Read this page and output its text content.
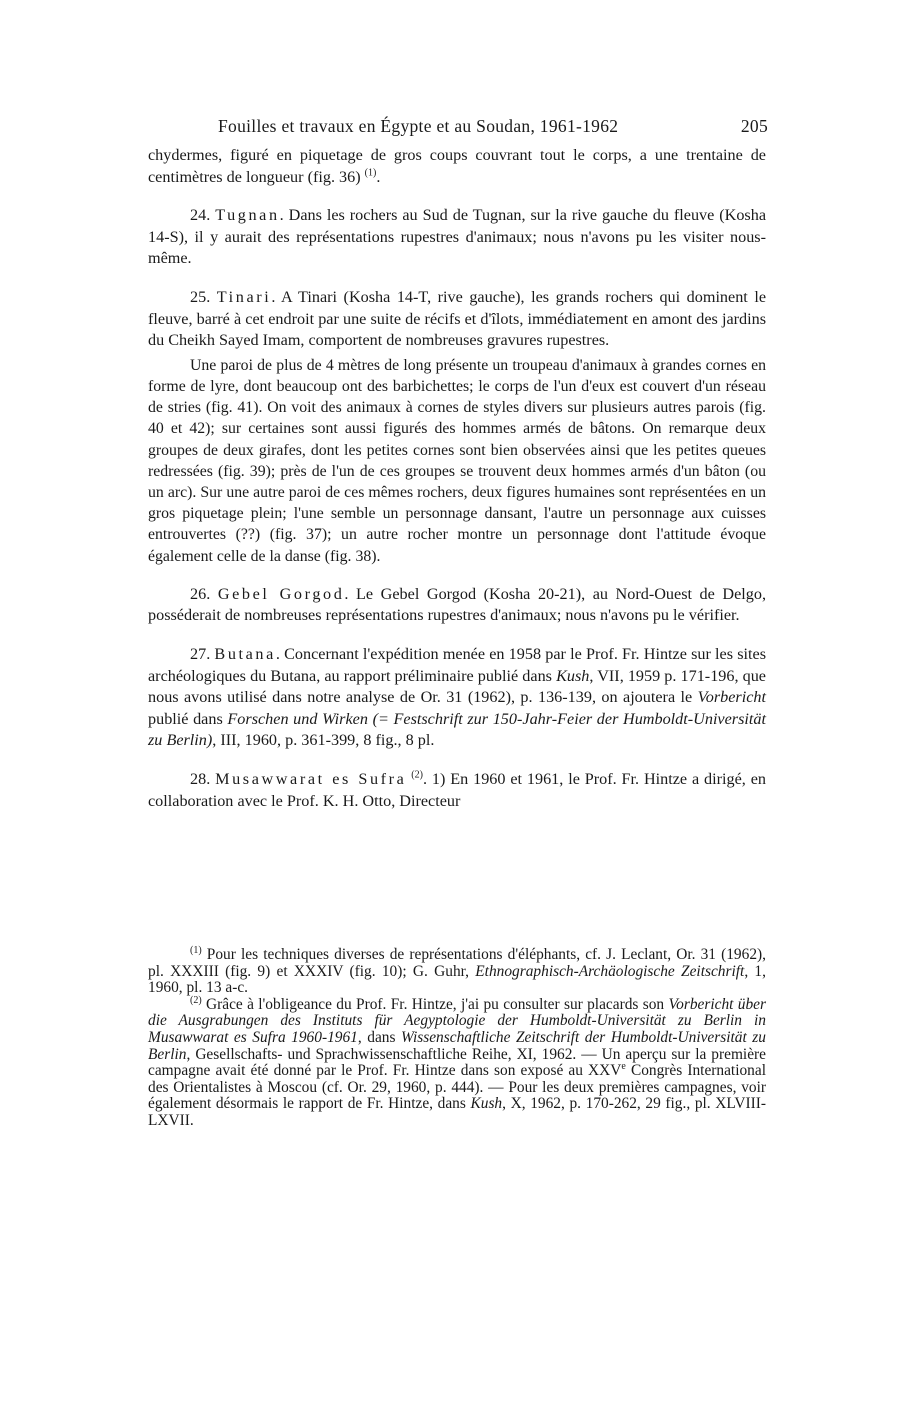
Fouilles et travaux en Égypte et au Soudan, 1961-1962	205

chydermes, figuré en piquetage de gros coups couvrant tout le corps, a une trentaine de centimètres de longueur (fig. 36) $^{(1)}$.

24. Tugnan. Dans les rochers au Sud de Tugnan, sur la rive gauche du fleuve (Kosha 14-S), il y aurait des représentations rupestres d'animaux; nous n'avons pu les visiter nous-même.

25. Tinari. A Tinari (Kosha 14-T, rive gauche), les grands rochers qui dominent le fleuve, barré à cet endroit par une suite de récifs et d'îlots, immédiatement en amont des jardins du Cheikh Sayed Imam, comportent de nombreuses gravures rupestres.

Une paroi de plus de 4 mètres de long présente un troupeau d'animaux à grandes cornes en forme de lyre, dont beaucoup ont des barbichettes; le corps de l'un d'eux est couvert d'un réseau de stries (fig. 41). On voit des animaux à cornes de styles divers sur plusieurs autres parois (fig. 40 et 42); sur certaines sont aussi figurés des hommes armés de bâtons. On remarque deux groupes de deux girafes, dont les petites cornes sont bien observées ainsi que les petites queues redressées (fig. 39); près de l'un de ces groupes se trouvent deux hommes armés d'un bâton (ou un arc). Sur une autre paroi de ces mêmes rochers, deux figures humaines sont représentées en un gros piquetage plein; l'une semble un personnage dansant, l'autre un personnage aux cuisses entrouvertes (??) (fig. 37); un autre rocher montre un personnage dont l'attitude évoque également celle de la danse (fig. 38).

26. Gebel Gorgod. Le Gebel Gorgod (Kosha 20-21), au Nord-Ouest de Delgo, posséderait de nombreuses représentations rupestres d'animaux; nous n'avons pu le vérifier.

27. Butana. Concernant l'expédition menée en 1958 par le Prof. Fr. Hintze sur les sites archéologiques du Butana, au rapport préliminaire publié dans Kush, VII, 1959 p. 171-196, que nous avons utilisé dans notre analyse de Or. 31 (1962), p. 136-139, on ajoutera le Vorbericht publié dans Forschen und Wirken (= Festschrift zur 150-Jahr-Feier der Humboldt-Universität zu Berlin), III, 1960, p. 361-399, 8 fig., 8 pl.

28. Musawwarat es Sufra $^{(2)}$. 1) En 1960 et 1961, le Prof. Fr. Hintze a dirigé, en collaboration avec le Prof. K. H. Otto, Directeur

$^{(1)}$ Pour les techniques diverses de représentations d'éléphants, cf. J. Leclant, Or. 31 (1962), pl. XXXIII (fig. 9) et XXXIV (fig. 10); G. Guhr, Ethnographisch-Archäologische Zeitschrift, 1, 1960, pl. 13 a-c.

$^{(2)}$ Grâce à l'obligeance du Prof. Fr. Hintze, j'ai pu consulter sur placards son Vorbericht über die Ausgrabungen des Instituts für Aegyptologie der Humboldt-Universität zu Berlin in Musawwarat es Sufra 1960-1961, dans Wissenschaftliche Zeitschrift der Humboldt-Universität zu Berlin, Gesellschafts- und Sprachwissenschaftliche Reihe, XI, 1962. — Un aperçu sur la première campagne avait été donné par le Prof. Fr. Hintze dans son exposé au XXVe Congrès International des Orientalistes à Moscou (cf. Or. 29, 1960, p. 444). — Pour les deux premières campagnes, voir également désormais le rapport de Fr. Hintze, dans Kush, X, 1962, p. 170-262, 29 fig., pl. XLVIII-LXVII.
